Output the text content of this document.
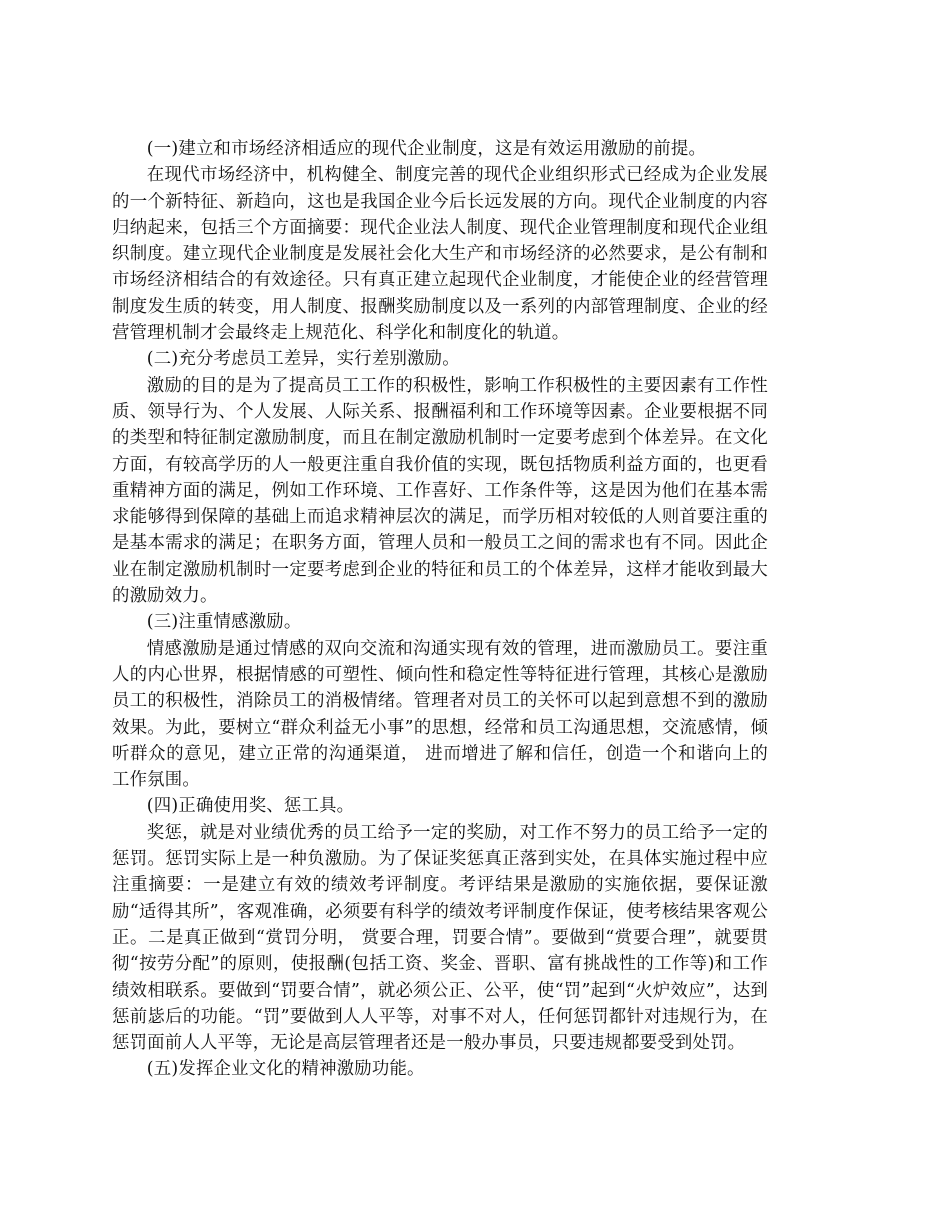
(一)建立和市场经济相适应的现代企业制度，这是有效运用激励的前提。

在现代市场经济中，机构健全、制度完善的现代企业组织形式已经成为企业发展的一个新特征、新趋向，这也是我国企业今后长远发展的方向。现代企业制度的内容归纳起来，包括三个方面摘要：现代企业法人制度、现代企业管理制度和现代企业组织制度。建立现代企业制度是发展社会化大生产和市场经济的必然要求，是公有制和市场经济相结合的有效途径。只有真正建立起现代企业制度，才能使企业的经营管理制度发生质的转变，用人制度、报酬奖励制度以及一系列的内部管理制度、企业的经营管理机制才会最终走上规范化、科学化和制度化的轨道。

(二)充分考虑员工差异，实行差别激励。

激励的目的是为了提高员工工作的积极性，影响工作积极性的主要因素有工作性质、领导行为、个人发展、人际关系、报酬福利和工作环境等因素。企业要根据不同的类型和特征制定激励制度，而且在制定激励机制时一定要考虑到个体差异。在文化方面，有较高学历的人一般更注重自我价值的实现，既包括物质利益方面的，也更看重精神方面的满足，例如工作环境、工作喜好、工作条件等，这是因为他们在基本需求能够得到保障的基础上而追求精神层次的满足，而学历相对较低的人则首要注重的是基本需求的满足；在职务方面，管理人员和一般员工之间的需求也有不同。因此企业在制定激励机制时一定要考虑到企业的特征和员工的个体差异，这样才能收到最大的激励效力。

(三)注重情感激励。

情感激励是通过情感的双向交流和沟通实现有效的管理，进而激励员工。要注重人的内心世界，根据情感的可塑性、倾向性和稳定性等特征进行管理，其核心是激励员工的积极性，消除员工的消极情绪。管理者对员工的关怀可以起到意想不到的激励效果。为此，要树立“群众利益无小事”的思想，经常和员工沟通思想，交流感情，倾听群众的意见，建立正常的沟通渠道， 进而增进了解和信任，创造一个和谐向上的工作氛围。

(四)正确使用奖、惩工具。

奖惩，就是对业绩优秀的员工给予一定的奖励，对工作不努力的员工给予一定的惩罚。惩罚实际上是一种负激励。为了保证奖惩真正落到实处，在具体实施过程中应注重摘要：一是建立有效的绩效考评制度。考评结果是激励的实施依据，要保证激励“适得其所”，客观准确，必须要有科学的绩效考评制度作保证，使考核结果客观公正。二是真正做到“赏罚分明， 赏要合理，罚要合情”。要做到“赏要合理”，就要贯彻“按劳分配”的原则，使报酬(包括工资、奖金、晋职、富有挑战性的工作等)和工作绩效相联系。要做到“罚要合情”，就必须公正、公平，使“罚”起到“火炉效应”，达到惩前毖后的功能。“罚”要做到人人平等，对事不对人，任何惩罚都针对违规行为，在惩罚面前人人平等，无论是高层管理者还是一般办事员，只要违规都要受到处罚。

(五)发挥企业文化的精神激励功能。
